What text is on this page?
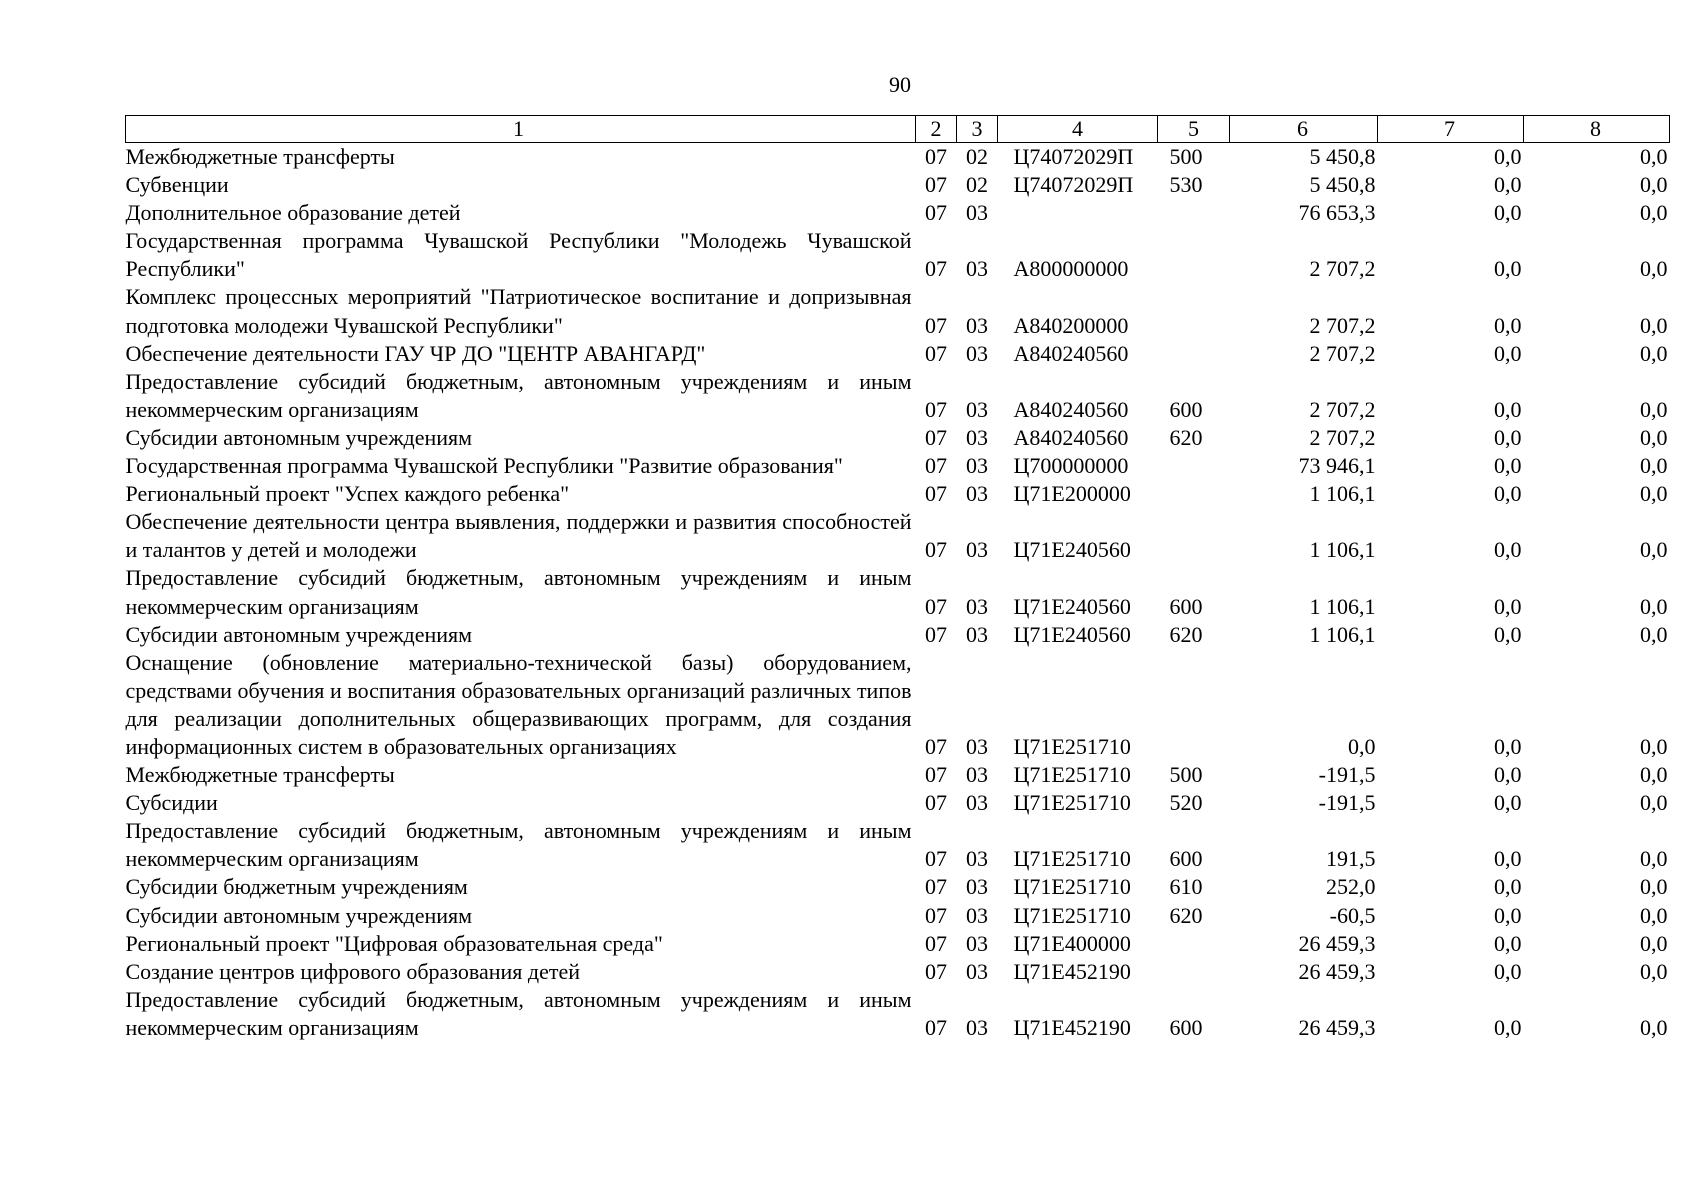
90
1	2	3	4	5	6	7	8
Межбюджетные трансферты	07	02	Ц74072029П	500	5 450,8	0,0	0,0
Субвенции	07	02	Ц74072029П	530	5 450,8	0,0	0,0
Дополнительное образование детей	07	03			76 653,3	0,0	0,0
Государственная программа Чувашской Республики "Молодежь Чувашской Республики"	07	03	А800000000		2 707,2	0,0	0,0
Комплекс процессных мероприятий "Патриотическое воспитание и допризывная подготовка молодежи Чувашской Республики"	07	03	А840200000		2 707,2	0,0	0,0
Обеспечение деятельности ГАУ ЧР ДО "ЦЕНТР АВАНГАРД"	07	03	А840240560		2 707,2	0,0	0,0
Предоставление субсидий бюджетным, автономным учреждениям и иным некоммерческим организациям	07	03	А840240560	600	2 707,2	0,0	0,0
Субсидии автономным учреждениям	07	03	А840240560	620	2 707,2	0,0	0,0
Государственная программа Чувашской Республики "Развитие образования"	07	03	Ц700000000		73 946,1	0,0	0,0
Региональный проект "Успех каждого ребенка"	07	03	Ц71Е200000		1 106,1	0,0	0,0
Обеспечение деятельности центра выявления, поддержки и развития способностей и талантов у детей и молодежи	07	03	Ц71Е240560		1 106,1	0,0	0,0
Предоставление субсидий бюджетным, автономным учреждениям и иным некоммерческим организациям	07	03	Ц71Е240560	600	1 106,1	0,0	0,0
Субсидии автономным учреждениям	07	03	Ц71Е240560	620	1 106,1	0,0	0,0
Оснащение (обновление материально-технической базы) оборудованием, средствами обучения и воспитания образовательных организаций различных типов для реализации дополнительных общеразвивающих программ, для создания информационных систем в образовательных организациях	07	03	Ц71Е251710		0,0	0,0	0,0
Межбюджетные трансферты	07	03	Ц71Е251710	500	-191,5	0,0	0,0
Субсидии	07	03	Ц71Е251710	520	-191,5	0,0	0,0
Предоставление субсидий бюджетным, автономным учреждениям и иным некоммерческим организациям	07	03	Ц71Е251710	600	191,5	0,0	0,0
Субсидии бюджетным учреждениям	07	03	Ц71Е251710	610	252,0	0,0	0,0
Субсидии автономным учреждениям	07	03	Ц71Е251710	620	-60,5	0,0	0,0
Региональный проект "Цифровая образовательная среда"	07	03	Ц71Е400000		26 459,3	0,0	0,0
Создание центров цифрового образования детей	07	03	Ц71Е452190		26 459,3	0,0	0,0
Предоставление субсидий бюджетным, автономным учреждениям и иным некоммерческим организациям	07	03	Ц71Е452190	600	26 459,3	0,0	0,0
